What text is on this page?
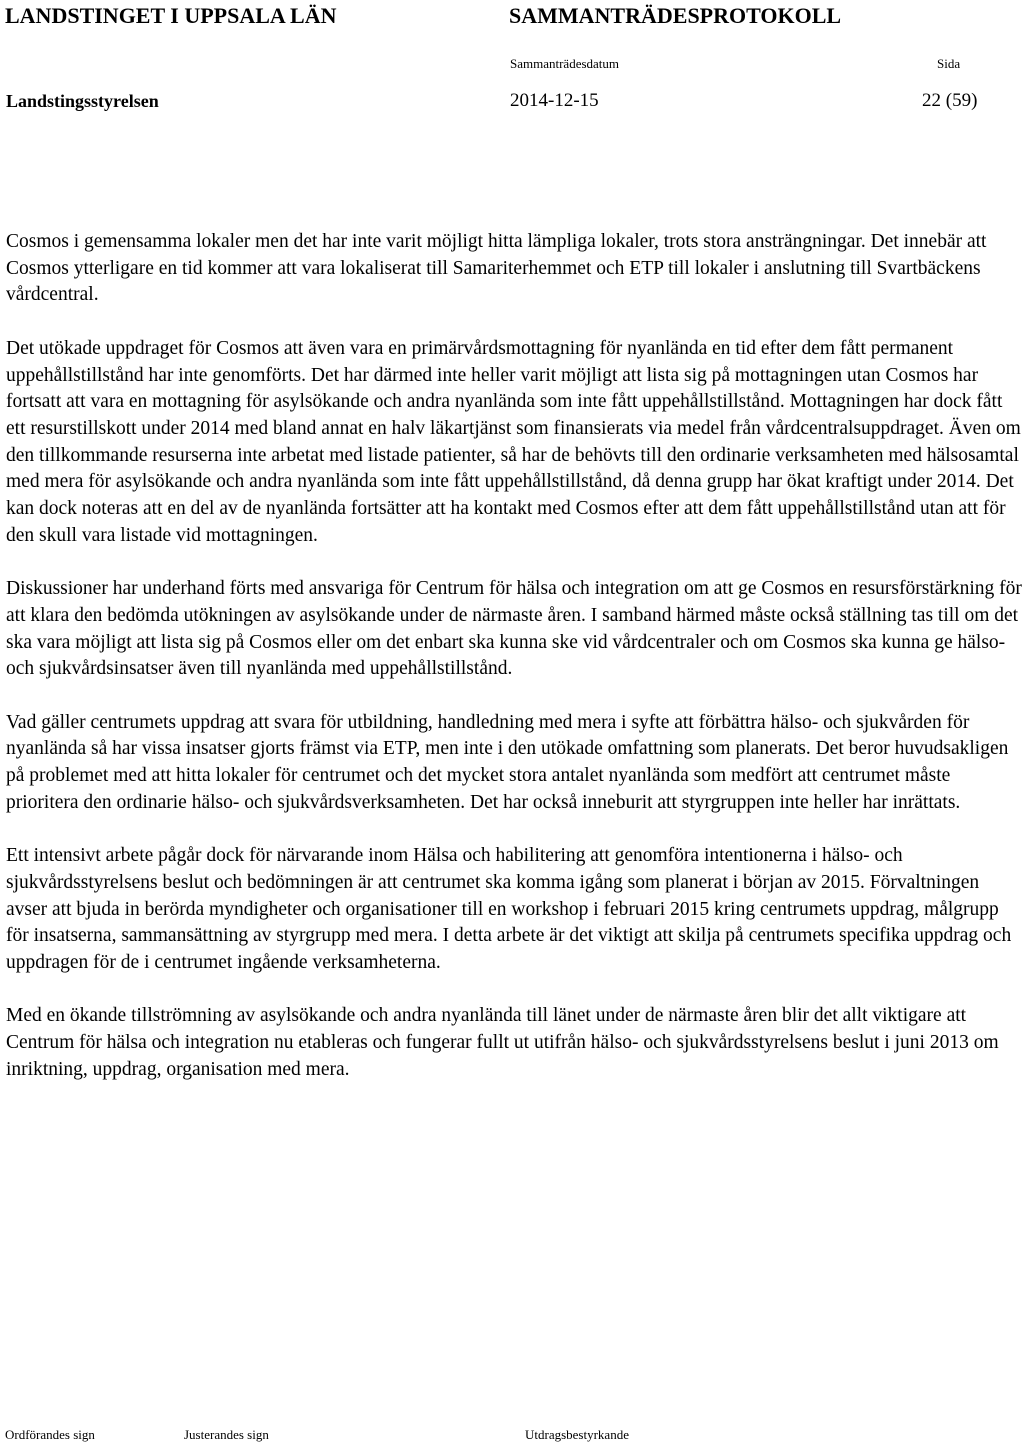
LANDSTINGET I UPPSALA LÄN	SAMMANTRÄDESPROTOKOLL
Sammanträdesdatum	Sida
Landstingsstyrelsen	2014-12-15	22 (59)

Cosmos i gemensamma lokaler men det har inte varit möjligt hitta lämpliga lokaler, trots stora ansträngningar. Det innebär att Cosmos ytterligare en tid kommer att vara lokaliserat till Samariterhemmet och ETP till lokaler i anslutning till Svartbäckens vårdcentral.

Det utökade uppdraget för Cosmos att även vara en primärvårdsmottagning för nyanlända en tid efter dem fått permanent uppehållstillstånd har inte genomförts. Det har därmed inte heller varit möjligt att lista sig på mottagningen utan Cosmos har fortsatt att vara en mottagning för asylsökande och andra nyanlända som inte fått uppehållstillstånd. Mottagningen har dock fått ett resurstillskott under 2014 med bland annat en halv läkartjänst som finansierats via medel från vårdcentralsuppdraget. Även om den tillkommande resurserna inte arbetat med listade patienter, så har de behövts till den ordinarie verksamheten med hälsosamtal med mera för asylsökande och andra nyanlända som inte fått uppehållstillstånd, då denna grupp har ökat kraftigt under 2014. Det kan dock noteras att en del av de nyanlända fortsätter att ha kontakt med Cosmos efter att dem fått uppehållstillstånd utan att för den skull vara listade vid mottagningen.

Diskussioner har underhand förts med ansvariga för Centrum för hälsa och integration om att ge Cosmos en resursförstärkning för att klara den bedömda utökningen av asylsökande under de närmaste åren. I samband härmed måste också ställning tas till om det ska vara möjligt att lista sig på Cosmos eller om det enbart ska kunna ske vid vårdcentraler och om Cosmos ska kunna ge hälso- och sjukvårdsinsatser även till nyanlända med uppehållstillstånd.

Vad gäller centrumets uppdrag att svara för utbildning, handledning med mera i syfte att förbättra hälso- och sjukvården för nyanlända så har vissa insatser gjorts främst via ETP, men inte i den utökade omfattning som planerats. Det beror huvudsakligen på problemet med att hitta lokaler för centrumet och det mycket stora antalet nyanlända som medfört att centrumet måste prioritera den ordinarie hälso- och sjukvårdsverksamheten. Det har också inneburit att styrgruppen inte heller har inrättats.

Ett intensivt arbete pågår dock för närvarande inom Hälsa och habilitering att genomföra intentionerna i hälso- och sjukvårdsstyrelsens beslut och bedömningen är att centrumet ska komma igång som planerat i början av 2015. Förvaltningen avser att bjuda in berörda myndigheter och organisationer till en workshop i februari 2015 kring centrumets uppdrag, målgrupp för insatserna, sammansättning av styrgrupp med mera. I detta arbete är det viktigt att skilja på centrumets specifika uppdrag och uppdragen för de i centrumet ingående verksamheterna.

Med en ökande tillströmning av asylsökande och andra nyanlända till länet under de närmaste åren blir det allt viktigare att Centrum för hälsa och integration nu etableras och fungerar fullt ut utifrån hälso- och sjukvårdsstyrelsens beslut i juni 2013 om inriktning, uppdrag, organisation med mera.

Ordförandes sign	Justerandes sign	Utdragsbestyrkande
